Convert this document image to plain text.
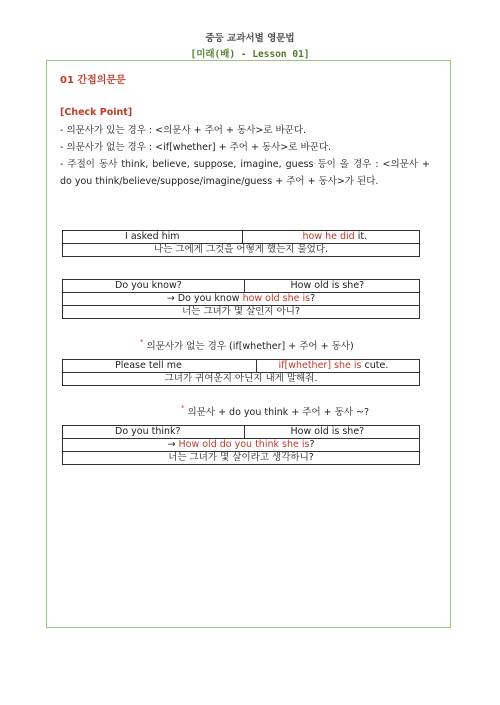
중등 교과서별 영문법
[미래(배) - Lesson 01]
01 간접의문문
[Check Point]
- 의문사가 있는 경우 : <의문사 + 주어 + 동사>로 바꾼다.
- 의문사가 없는 경우 : <if[whether] + 주어 + 동사>로 바꾼다.
- 주절이 동사 think, believe, suppose, imagine, guess 등이 올 경우 : <의문사 + do you think/believe/suppose/imagine/guess + 주어 + 동사>가 된다.
I asked him	how he did it.
나는 그에게 그것을 어떻게 했는지 물었다.
Do you know?	How old is she?
→ Do you know how old she is?
너는 그녀가 몇 살인지 아니?
* 의문사가 없는 경우 (if[whether] + 주어 + 동사)
Please tell me	if[whether] she is cute.
그녀가 귀여운지 아닌지 내게 말해줘.
* 의문사 + do you think + 주어 + 동사 ~?
Do you think?	How old is she?
→ How old do you think she is?
너는 그녀가 몇 살이라고 생각하니?
